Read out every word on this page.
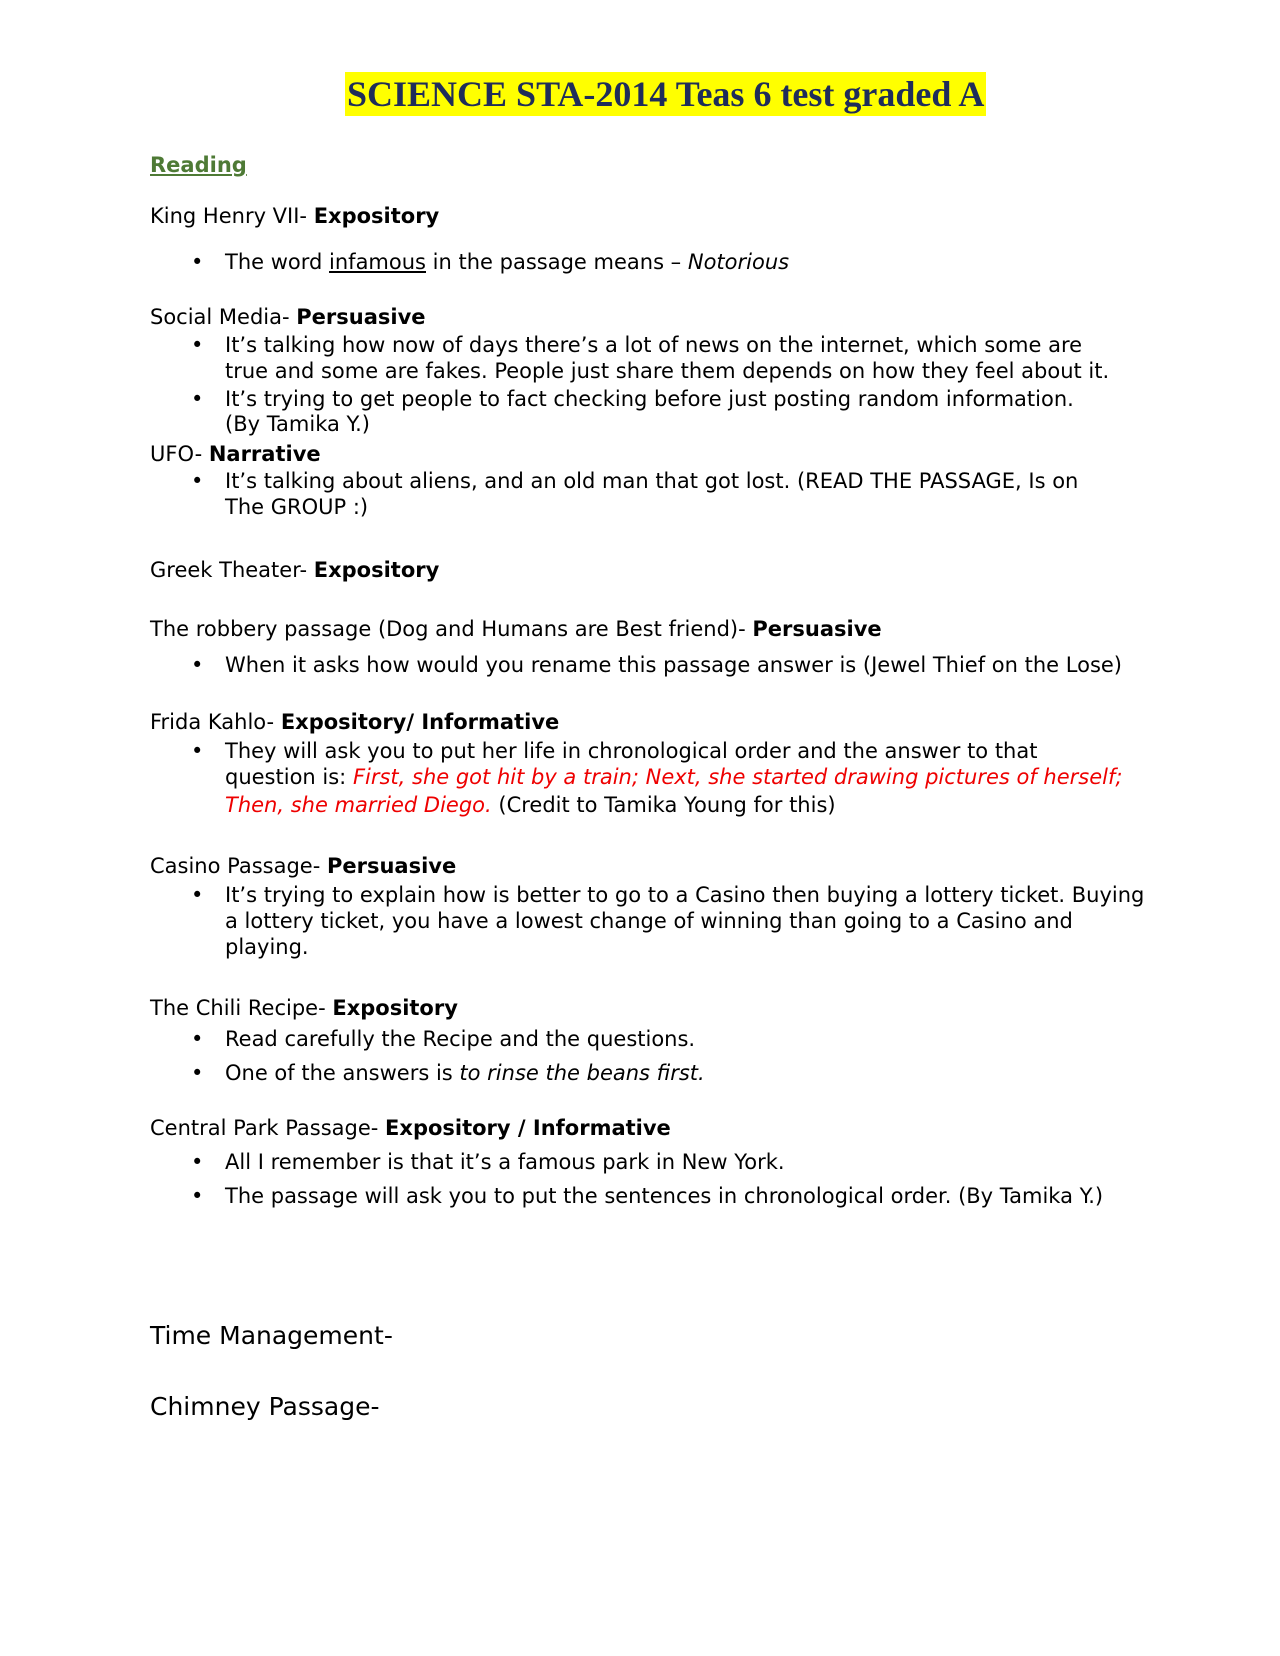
SCIENCE STA-2014 Teas 6 test graded A
Reading
King Henry VII- Expository
• The word infamous in the passage means – Notorious
Social Media- Persuasive
• It’s talking how now of days there’s a lot of news on the internet, which some are
true and some are fakes. People just share them depends on how they feel about it.
• It’s trying to get people to fact checking before just posting random information.
(By Tamika Y.)
UFO- Narrative
• It’s talking about aliens, and an old man that got lost. (READ THE PASSAGE, Is on
The GROUP :)
Greek Theater- Expository
The robbery passage (Dog and Humans are Best friend)- Persuasive
• When it asks how would you rename this passage answer is (Jewel Thief on the Lose)
Frida Kahlo- Expository/ Informative
• They will ask you to put her life in chronological order and the answer to that
question is: First, she got hit by a train; Next, she started drawing pictures of herself;
Then, she married Diego. (Credit to Tamika Young for this)
Casino Passage- Persuasive
• It’s trying to explain how is better to go to a Casino then buying a lottery ticket. Buying
a lottery ticket, you have a lowest change of winning than going to a Casino and
playing.
The Chili Recipe- Expository
• Read carefully the Recipe and the questions.
• One of the answers is to rinse the beans first.
Central Park Passage- Expository / Informative
• All I remember is that it’s a famous park in New York.
• The passage will ask you to put the sentences in chronological order. (By Tamika Y.)
Time Management-
Chimney Passage-
